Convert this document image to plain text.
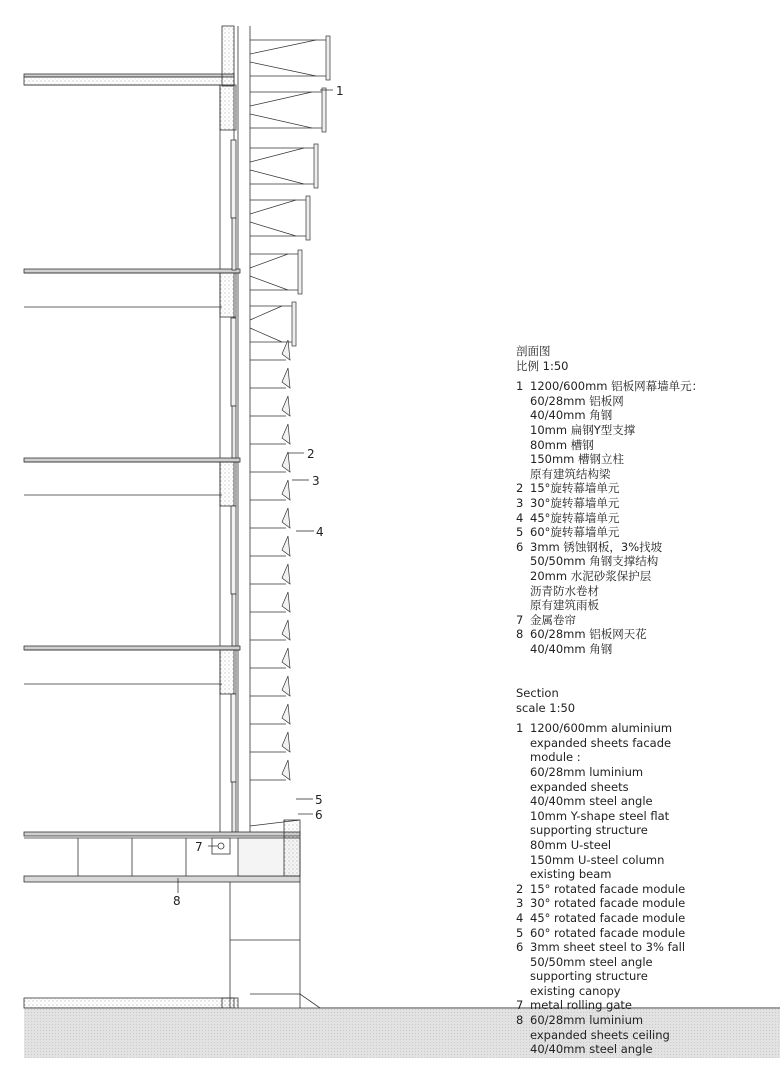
1
2
3
4
5
6
7
8
剖面图
比例 1:50
1 1200/600mm 铝板网幕墙单元：
60/28mm 铝板网
40/40mm 角钢
10mm 扁钢Y型支撑
80mm 槽钢
150mm 槽钢立柱
原有建筑结构梁
2 15°旋转幕墙单元
3 30°旋转幕墙单元
4 45°旋转幕墙单元
5 60°旋转幕墙单元
6 3mm 锈蚀钢板，3%找坡
50/50mm 角钢支撑结构
20mm 水泥砂浆保护层
沥青防水卷材
原有建筑雨板
7 金属卷帘
8 60/28mm 铝板网天花
40/40mm 角钢
Section
scale 1:50
1 1200/600mm aluminium
expanded sheets facade
module :
60/28mm luminium
expanded sheets
40/40mm steel angle
10mm Y-shape steel flat
supporting structure
80mm U-steel
150mm U-steel column
existing beam
2 15° rotated facade module
3 30° rotated facade module
4 45° rotated facade module
5 60° rotated facade module
6 3mm sheet steel to 3% fall
50/50mm steel angle
supporting structure
existing canopy
7 metal rolling gate
8 60/28mm luminium
expanded sheets ceiling
40/40mm steel angle
